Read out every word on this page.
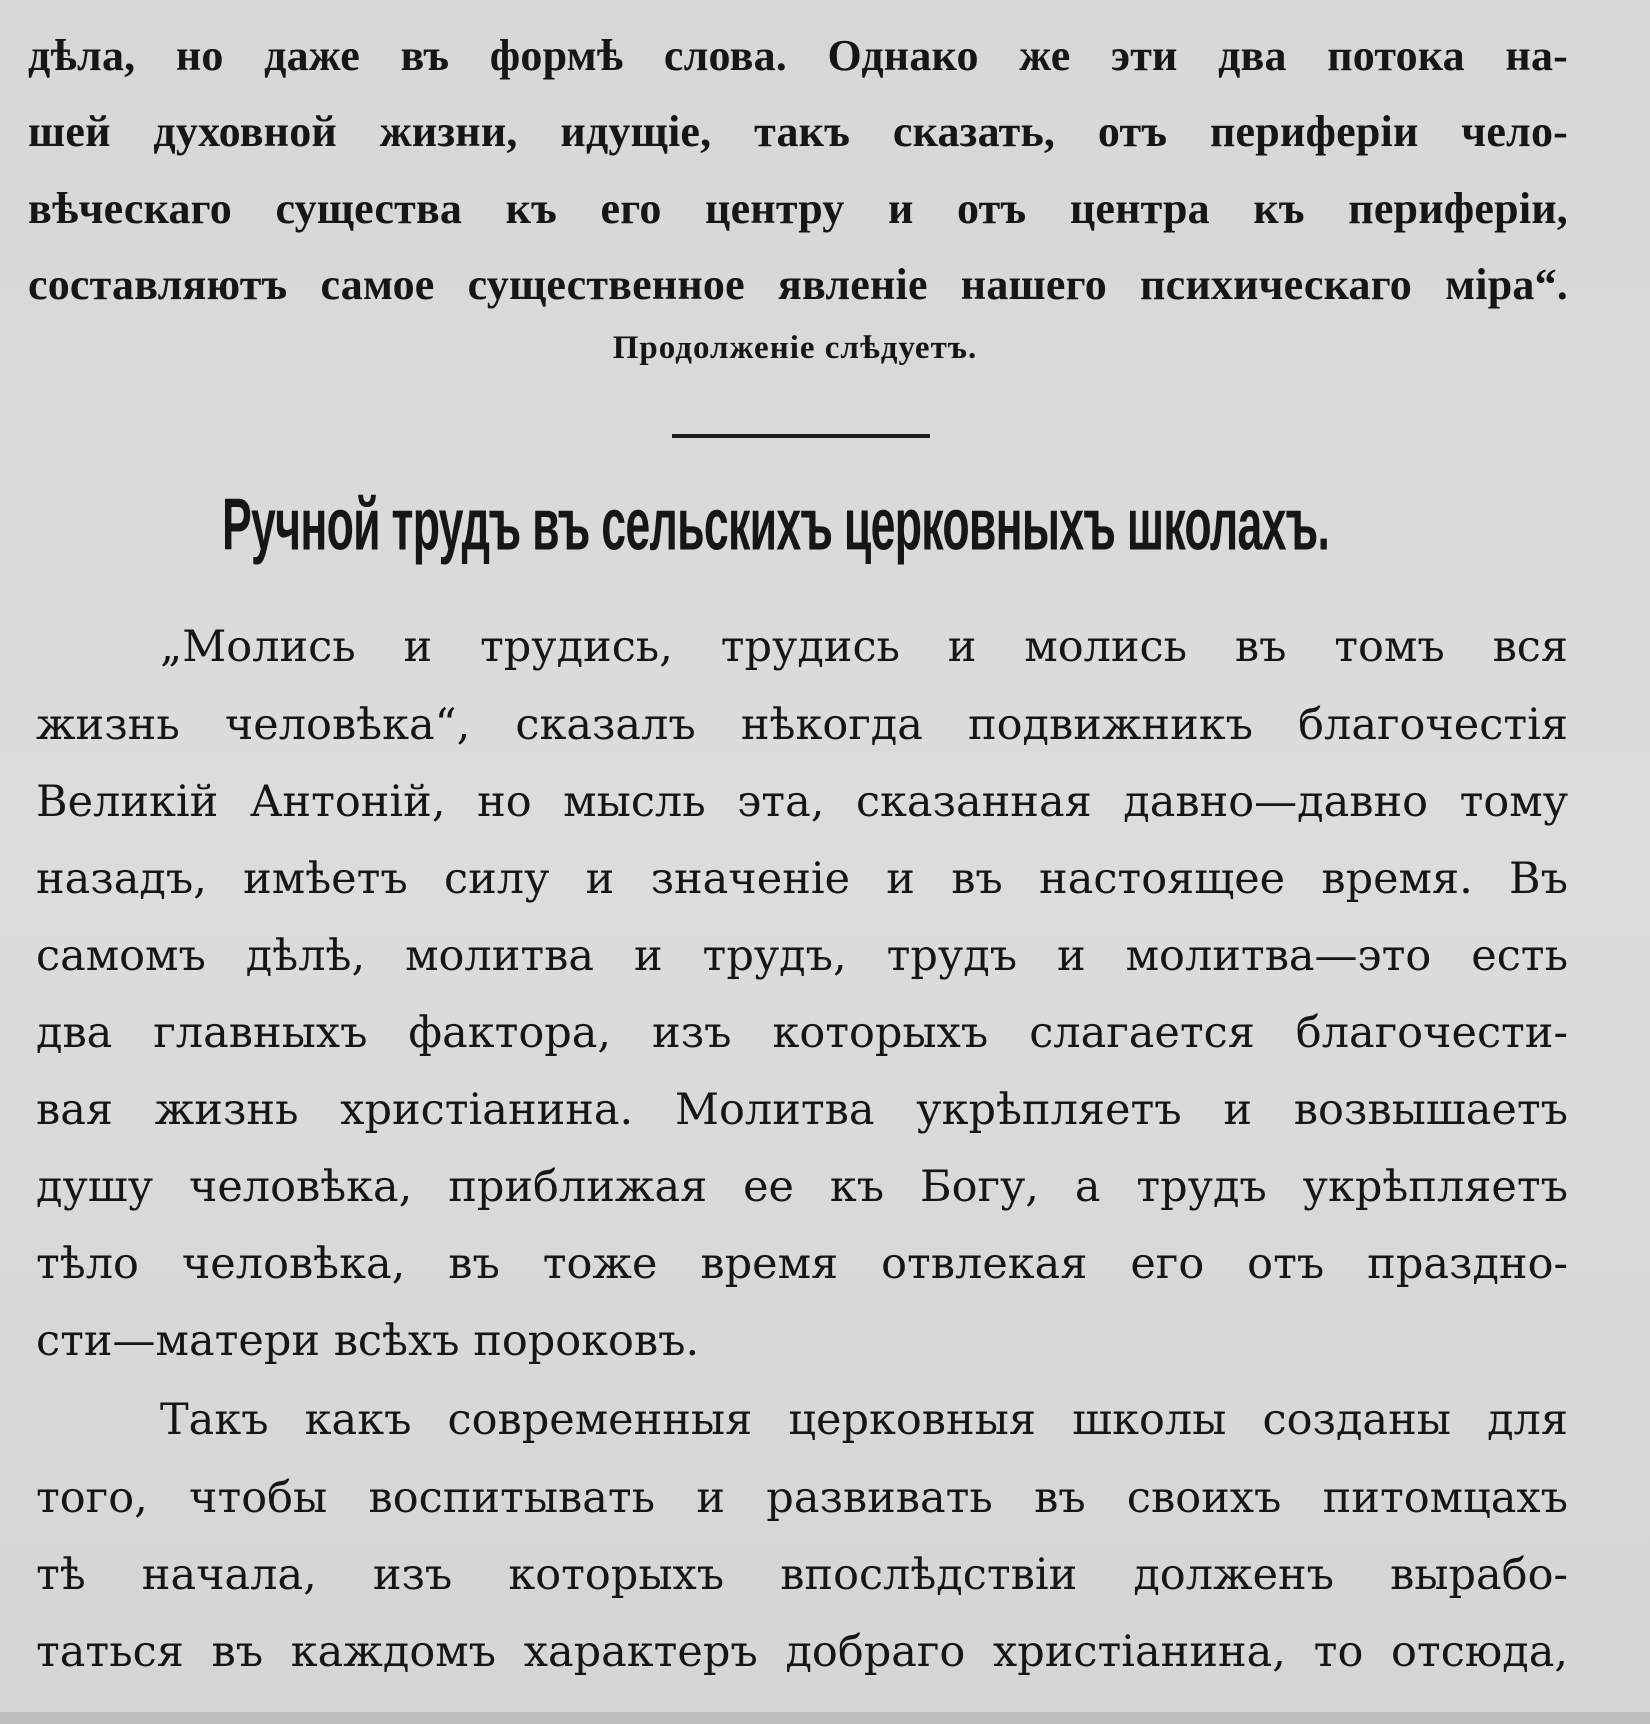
дѣла, но даже въ формѣ слова. Однако же эти два потока на-
шей духовной жизни, идущіе, такъ сказать, отъ периферіи чело-
вѣческаго существа къ его центру и отъ центра къ периферіи,
составляютъ самое существенное явленіе нашего психическаго міра“.
Продолженіе слѣдуетъ.
Ручной трудъ въ сельскихъ церковныхъ школахъ.
„Молись и трудись, трудись и молись въ томъ вся
жизнь человѣка“, сказалъ нѣкогда подвижникъ благочестія
Великій Антоній, но мысль эта, сказанная давно—давно тому
назадъ, имѣетъ силу и значеніе и въ настоящее время. Въ
самомъ дѣлѣ, молитва и трудъ, трудъ и молитва—это есть
два главныхъ фактора, изъ которыхъ слагается благочести-
вая жизнь христіанина. Молитва укрѣпляетъ и возвышаетъ
душу человѣка, приближая ее къ Богу, а трудъ укрѣпляетъ
тѣло человѣка, въ тоже время отвлекая его отъ праздно-
сти—матери всѣхъ пороковъ.
Такъ какъ современныя церковныя школы созданы для
того, чтобы воспитывать и развивать въ своихъ питомцахъ
тѣ начала, изъ которыхъ впослѣдствіи долженъ вырабо-
таться въ каждомъ характеръ добраго христіанина, то отсюда,
